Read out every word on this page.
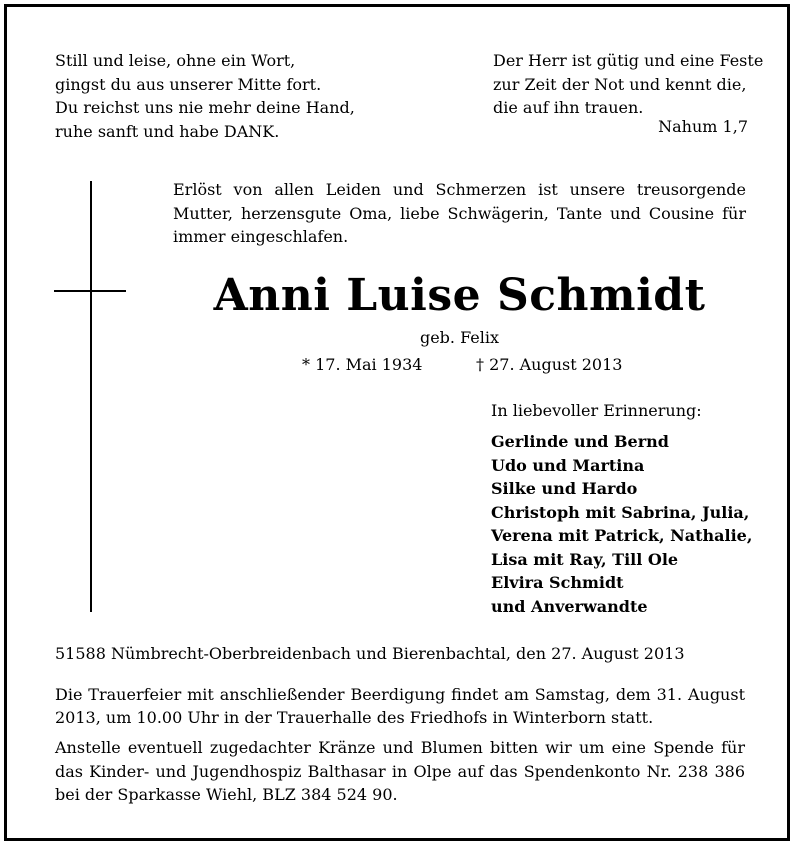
Still und leise, ohne ein Wort,
gingst du aus unserer Mitte fort.
Du reichst uns nie mehr deine Hand,
ruhe sanft und habe DANK.
Der Herr ist gütig und eine Feste
zur Zeit der Not und kennt die,
die auf ihn trauen.
Nahum 1,7
Erlöst von allen Leiden und Schmerzen ist unsere treusorgende Mutter, herzensgute Oma, liebe Schwägerin, Tante und Cousine für immer eingeschlafen.
Anni Luise Schmidt
geb. Felix
* 17. Mai 1934	† 27. August 2013
In liebevoller Erinnerung:
Gerlinde und Bernd
Udo und Martina
Silke und Hardo
Christoph mit Sabrina, Julia,
Verena mit Patrick, Nathalie,
Lisa mit Ray, Till Ole
Elvira Schmidt
und Anverwandte
51588 Nümbrecht-Oberbreidenbach und Bierenbachtal, den 27. August 2013
Die Trauerfeier mit anschließender Beerdigung findet am Samstag, dem 31. August 2013, um 10.00 Uhr in der Trauerhalle des Friedhofs in Winterborn statt.
Anstelle eventuell zugedachter Kränze und Blumen bitten wir um eine Spende für das Kinder- und Jugendhospiz Balthasar in Olpe auf das Spendenkonto Nr. 238 386 bei der Sparkasse Wiehl, BLZ 384 524 90.
